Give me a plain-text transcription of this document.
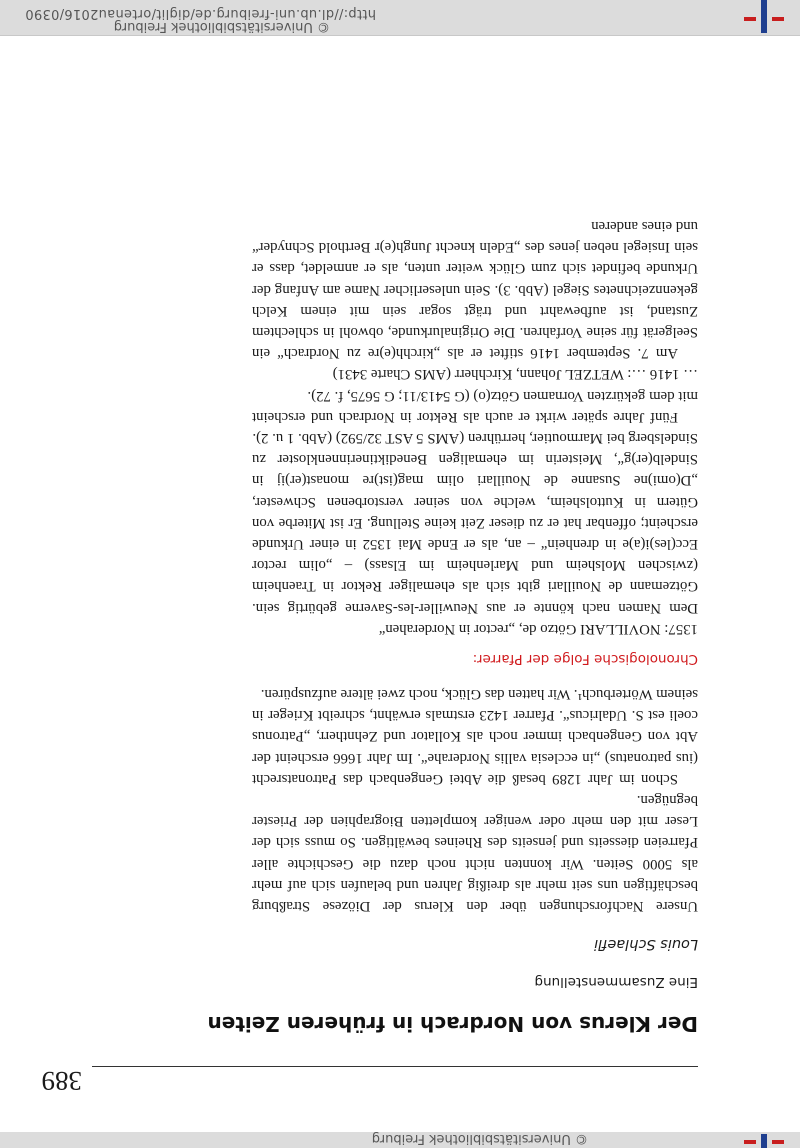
© Universitätsbibliothek Freiburg
389
Der Klerus von Nordrach in früheren Zeiten
Eine Zusammenstellung
Louis Schlaefli

Unsere Nachforschungen über den Klerus der Diözese Straßburg beschäftigen uns seit mehr als dreißig Jahren und belaufen sich auf mehr als 5000 Seiten. Wir konnten nicht noch dazu die Geschichte aller Pfarreien diesseits und jenseits des Rheines bewältigen. So muss sich der Leser mit den mehr oder weniger kompletten Biographien der Priester begnügen.

Schon im Jahr 1289 besaß die Abtei Gengenbach das Patronatsrecht (ius patronatus) „in ecclesia vallis Norderahe“. Im Jahr 1666 erscheint der Abt von Gengenbach immer noch als Kollator und Zehntherr, „Patronus coeli est S. Udalricus“. Pfarrer 1423 erstmals erwähnt, schreibt Krieger in seinem Wörterbuch¹. Wir hatten das Glück, noch zwei ältere aufzuspüren.

Chronologische Folge der Pfarrer:

1357: NOVILLARI Götzo de, „rector in Norderahen“

Dem Namen nach könnte er aus Neuwiller-les-Saverne gebürtig sein. Götzemann de Nouillari gibt sich als ehemaliger Rektor in Traenheim (zwischen Molsheim und Marlenheim im Elsass) – „olim rector Ecc(les)i(a)e in drenhein“ – an, als er Ende Mai 1352 in einer Urkunde erscheint; offenbar hat er zu dieser Zeit keine Stellung. Er ist Miterbe von Gütern in Kuttolsheim, welche von seiner verstorbenen Schwester, „D(omi)ne Susanne de Nouillari olim mag(ist)re monast(er)ij in Sindelb(er)g“, Meisterin im ehemaligen Benediktinerinnenkloster zu Sindelsberg bei Marmoutier, herrühren (AMS 5 AST 32/592) (Abb. 1 u. 2).

Fünf Jahre später wirkt er auch als Rektor in Nordrach und erscheint mit dem gekürzten Vornamen Götz(o) (G 5413/11; G 5675, f. 72).

… 1416 …: WETZEL Johann, Kirchherr (AMS Charte 3431)

Am 7. September 1416 stiftet er als „kirchh(e)re zu Nordrach“ ein Seelgerät für seine Vorfahren. Die Originalurkunde, obwohl in schlechtem Zustand, ist aufbewahrt und trägt sogar sein mit einem Kelch gekennzeichnetes Siegel (Abb. 3). Sein unleserlicher Name am Anfang der Urkunde befindet sich zum Glück weiter unten, als er anmeldet, dass er sein Insiegel neben jenes des „Edeln knecht Jungh(e)r Berthold Schnyder“ und eines anderen

© Universitätsbibliothek Freiburg
http://dl.ub.uni-freiburg.de/diglit/ortenau2016/0390
